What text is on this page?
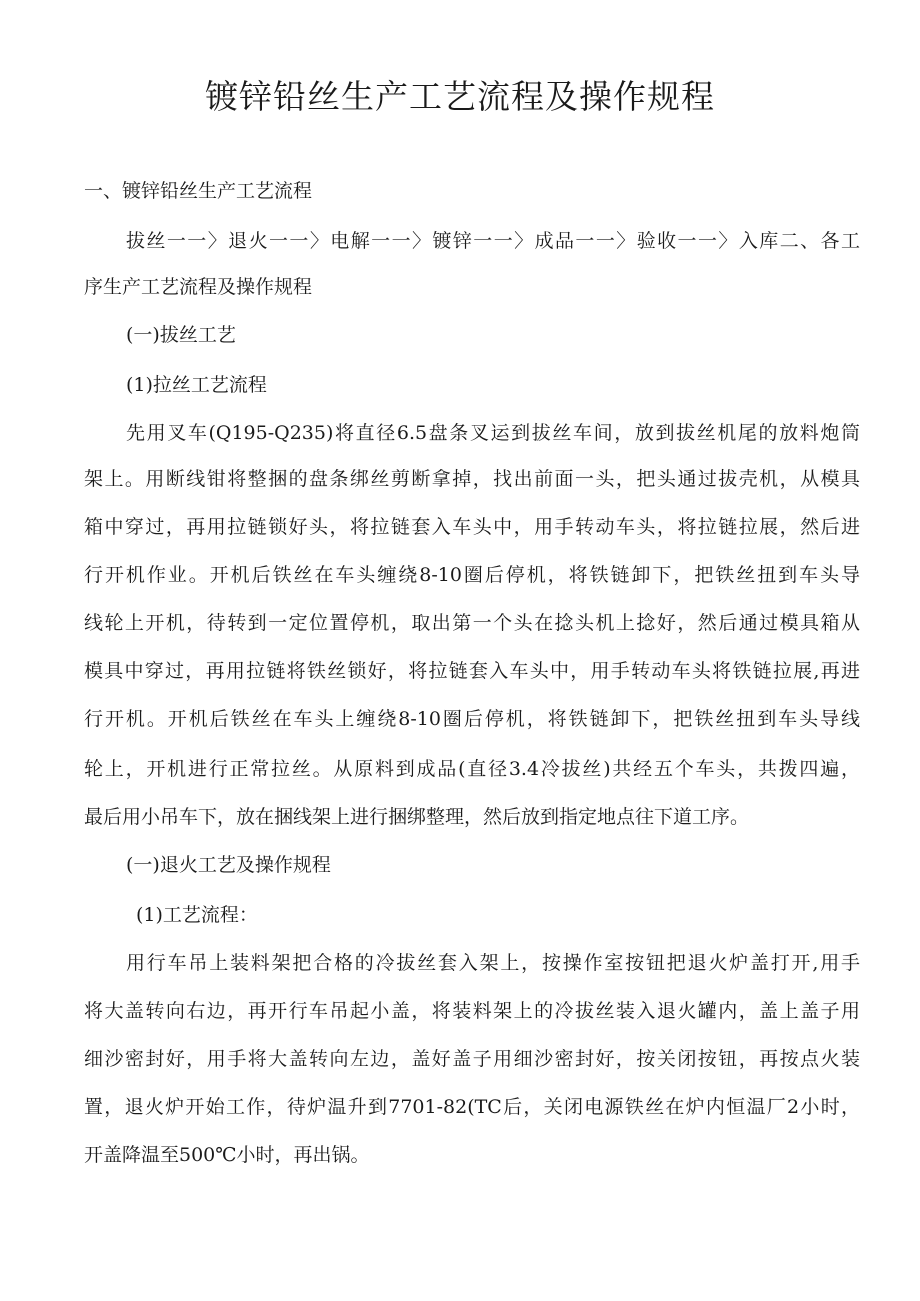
镀锌铅丝生产工艺流程及操作规程

一、镀锌铅丝生产工艺流程

拔丝一一〉退火一一〉电解一一〉镀锌一一〉成品一一〉验收一一〉入库二、各工

序生产工艺流程及操作规程

(一)拔丝工艺

(1)拉丝工艺流程

先用叉车(Q195-Q235)将直径6.5盘条叉运到拔丝车间，放到拔丝机尾的放料炮筒

架上。用断线钳将整捆的盘条绑丝剪断拿掉，找出前面一头，把头通过拔壳机，从模具

箱中穿过，再用拉链锁好头，将拉链套入车头中，用手转动车头，将拉链拉展，然后进

行开机作业。开机后铁丝在车头缠绕8-10圈后停机，将铁链卸下，把铁丝扭到车头导

线轮上开机，待转到一定位置停机，取出第一个头在捻头机上捻好，然后通过模具箱从

模具中穿过，再用拉链将铁丝锁好，将拉链套入车头中，用手转动车头将铁链拉展,再进

行开机。开机后铁丝在车头上缠绕8-10圈后停机，将铁链卸下，把铁丝扭到车头导线

轮上，开机进行正常拉丝。从原料到成品(直径3.4冷拔丝)共经五个车头，共拨四遍，

最后用小吊车下，放在捆线架上进行捆绑整理，然后放到指定地点往下道工序。

(一)退火工艺及操作规程

(1)工艺流程：

用行车吊上装料架把合格的冷拔丝套入架上，按操作室按钮把退火炉盖打开,用手

将大盖转向右边，再开行车吊起小盖，将装料架上的冷拔丝装入退火罐内，盖上盖子用

细沙密封好，用手将大盖转向左边，盖好盖子用细沙密封好，按关闭按钮，再按点火装

置，退火炉开始工作，待炉温升到7701-82(TC后，关闭电源铁丝在炉内恒温厂2小时，

开盖降温至500℃小时，再出锅。
